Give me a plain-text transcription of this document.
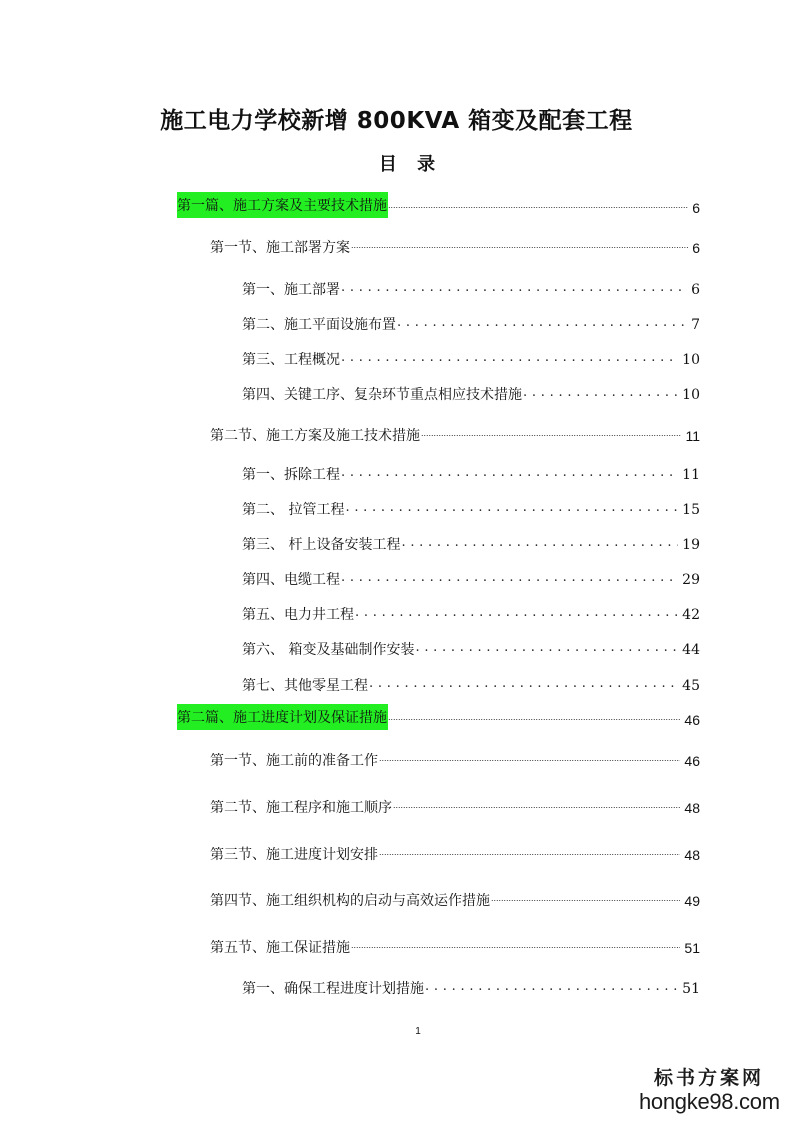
施工电力学校新增 800KVA 箱变及配套工程
目 录
第一篇、施工方案及主要技术措施 .....	6
第一节、施工部署方案 .....	6
第一、施工部署 . . .	6
第二、施工平面设施布置 . . .	7
第三、工程概况 . . .	10
第四、关键工序、复杂环节重点相应技术措施 . . .	10
第二节、施工方案及施工技术措施 .....	11
第一、拆除工程 . . .	11
第二、 拉管工程 . . .	15
第三、 杆上设备安装工程 . . .	19
第四、电缆工程 . . .	29
第五、电力井工程 . . .	42
第六、 箱变及基础制作安装 . . .	44
第七、其他零星工程 . . .	45
第二篇、施工进度计划及保证措施 .....	46
第一节、施工前的准备工作 .....	46
第二节、施工程序和施工顺序 .....	48
第三节、施工进度计划安排 .....	48
第四节、施工组织机构的启动与高效运作措施 .....	49
第五节、施工保证措施 .....	51
第一、确保工程进度计划措施 . . .	51
1
标书方案网
hongke98.com
